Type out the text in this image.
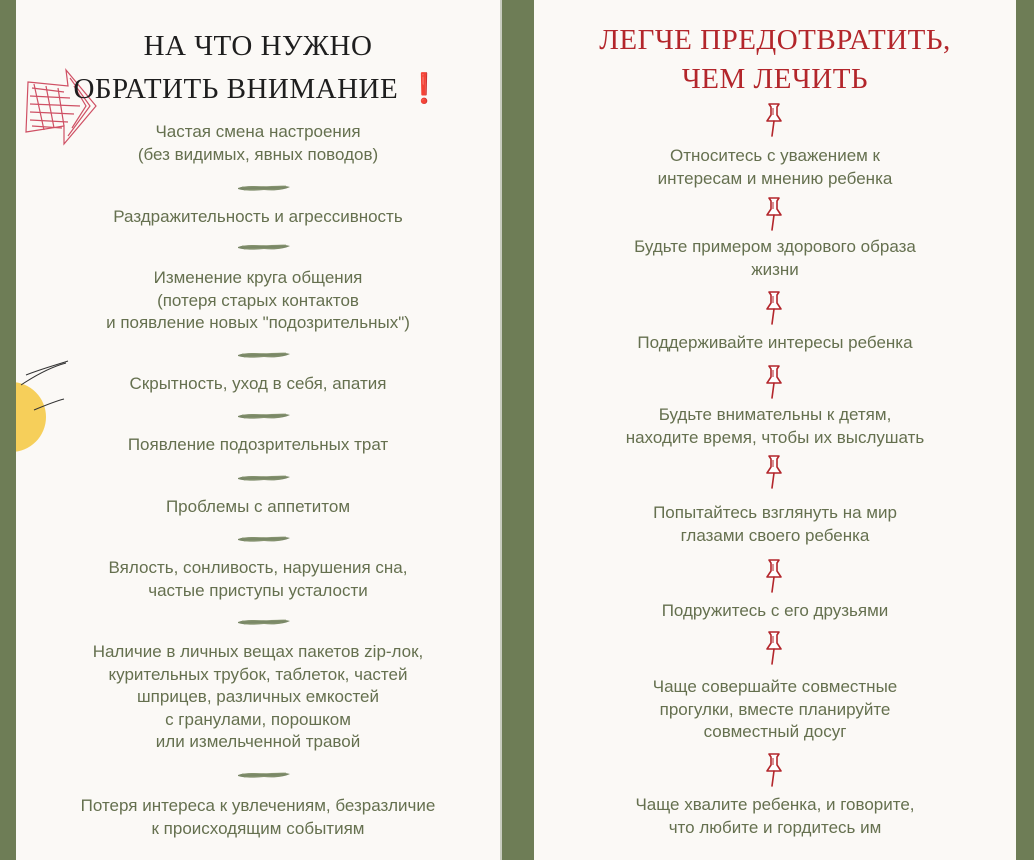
НА ЧТО НУЖНО
ОБРАТИТЬ ВНИМАНИЕ ❗
Частая смена настроения
(без видимых, явных поводов)
Раздражительность и агрессивность
Изменение круга общения
(потеря старых контактов
и появление новых "подозрительных")
Скрытность, уход в себя, апатия
Появление подозрительных трат
Проблемы с аппетитом
Вялость, сонливость, нарушения сна,
частые приступы усталости
Наличие в личных вещах пакетов zip-лок,
курительных трубок, таблеток, частей
шприцев, различных емкостей
с гранулами, порошком
или измельченной травой
Потеря интереса к увлечениям, безразличие
к происходящим событиям
ЛЕГЧЕ ПРЕДОТВРАТИТЬ,
ЧЕМ ЛЕЧИТЬ
Относитесь с уважением к
интересам и мнению ребенка
Будьте примером здорового образа
жизни
Поддерживайте интересы ребенка
Будьте внимательны к детям,
находите время, чтобы их выслушать
Попытайтесь взглянуть на мир
глазами своего ребенка
Подружитесь с его друзьями
Чаще совершайте совместные
прогулки, вместе планируйте
совместный досуг
Чаще хвалите ребенка, и говорите,
что любите и гордитесь им
